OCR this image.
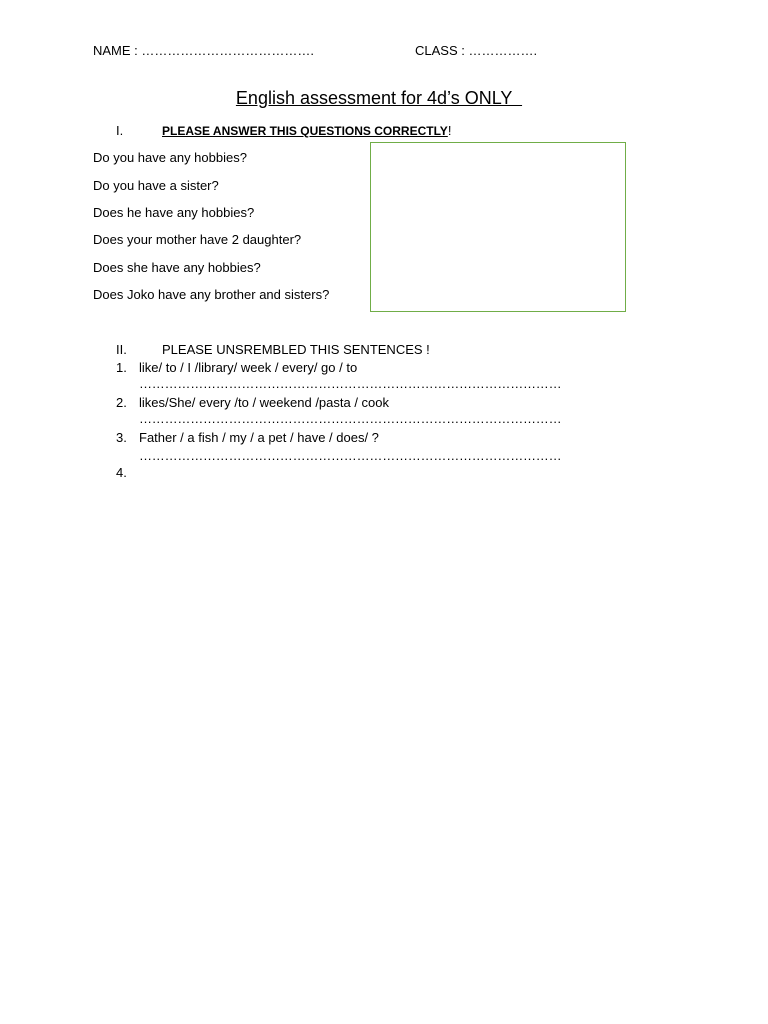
NAME : ………………………………….	CLASS : …………….
English assessment for 4d’s ONLY
I.	PLEASE ANSWER THIS QUESTIONS CORRECTLY!
Do you have any hobbies?
Do you have a sister?
Does he have any hobbies?
Does your mother have 2 daughter?
Does she have any hobbies?
Does Joko have any brother and sisters?
II.	PLEASE UNSREMBLED THIS SENTENCES !
1. like/ to / I /library/ week / every/ go / to
………………………………………………………………………………………
2. likes/She/ every /to / weekend /pasta / cook
………………………………………………………………………………………
3. Father / a fish / my / a pet / have / does/ ?
………………………………………………………………………………………
4.
